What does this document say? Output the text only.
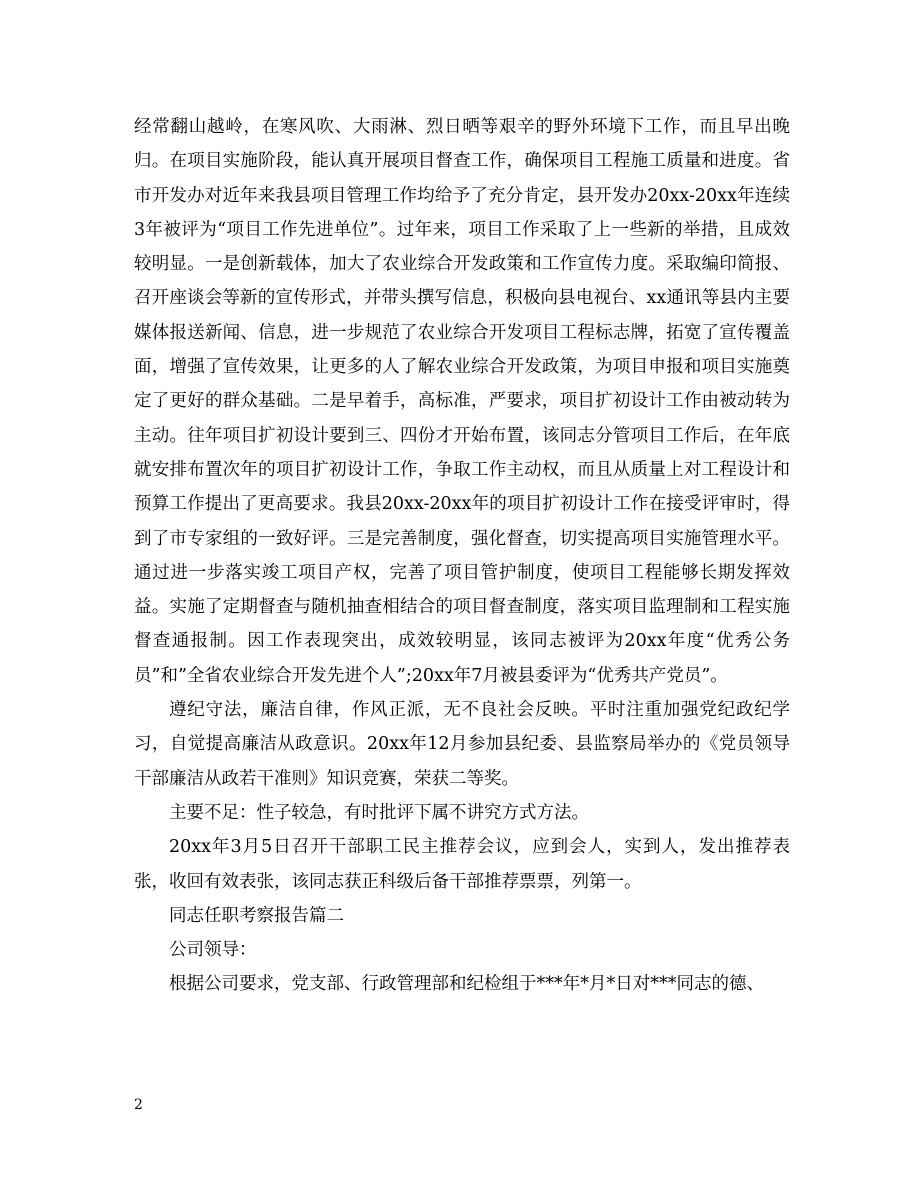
经常翻山越岭，在寒风吹、大雨淋、烈日晒等艰辛的野外环境下工作，而且早出晚归。在项目实施阶段，能认真开展项目督查工作，确保项目工程施工质量和进度。省市开发办对近年来我县项目管理工作均给予了充分肯定，县开发办20xx-20xx年连续3年被评为“项目工作先进单位”。过年来，项目工作采取了上一些新的举措，且成效较明显。一是创新载体，加大了农业综合开发政策和工作宣传力度。采取编印简报、召开座谈会等新的宣传形式，并带头撰写信息，积极向县电视台、xx通讯等县内主要媒体报送新闻、信息，进一步规范了农业综合开发项目工程标志牌，拓宽了宣传覆盖面，增强了宣传效果，让更多的人了解农业综合开发政策，为项目申报和项目实施奠定了更好的群众基础。二是早着手，高标准，严要求，项目扩初设计工作由被动转为主动。往年项目扩初设计要到三、四份才开始布置，该同志分管项目工作后，在年底就安排布置次年的项目扩初设计工作，争取工作主动权，而且从质量上对工程设计和预算工作提出了更高要求。我县20xx-20xx年的项目扩初设计工作在接受评审时，得到了市专家组的一致好评。三是完善制度，强化督查，切实提高项目实施管理水平。通过进一步落实竣工项目产权，完善了项目管护制度，使项目工程能够长期发挥效益。实施了定期督查与随机抽查相结合的项目督查制度，落实项目监理制和工程实施督查通报制。因工作表现突出，成效较明显，该同志被评为20xx年度“优秀公务员”和”全省农业综合开发先进个人”;20xx年7月被县委评为“优秀共产党员”。

遵纪守法，廉洁自律，作风正派，无不良社会反映。平时注重加强党纪政纪学习，自觉提高廉洁从政意识。20xx年12月参加县纪委、县监察局举办的《党员领导干部廉洁从政若干准则》知识竞赛，荣获二等奖。

主要不足：性子较急，有时批评下属不讲究方式方法。

20xx年3月5日召开干部职工民主推荐会议，应到会人，实到人，发出推荐表张，收回有效表张，该同志获正科级后备干部推荐票票，列第一。

同志任职考察报告篇二

公司领导：

根据公司要求，党支部、行政管理部和纪检组于***年*月*日对***同志的德、

2
